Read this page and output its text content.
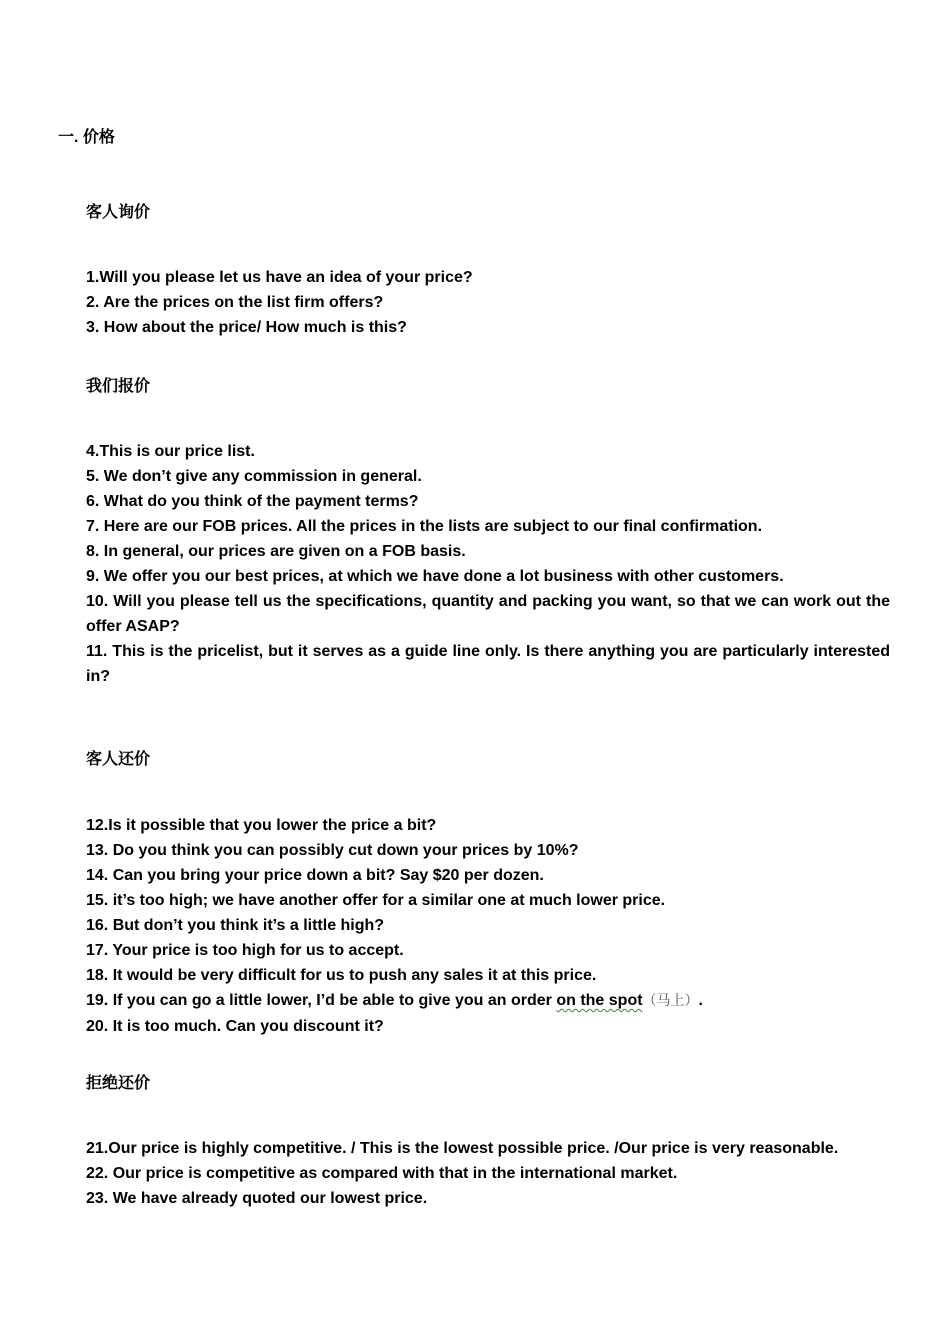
一. 价格
客人询价
1.Will you please let us have an idea of your price?
2. Are the prices on the list firm offers?
3. How about the price/ How much is this?
我们报价
4.This is our price list.
5. We don’t give any commission in general.
6. What do you think of the payment terms?
7. Here are our FOB prices. All the prices in the lists are subject to our final confirmation.
8. In general, our prices are given on a FOB basis.
9. We offer you our best prices, at which we have done a lot business with other customers.
10. Will you please tell us the specifications, quantity and packing you want, so that we can work out the offer ASAP?
11. This is the pricelist, but it serves as a guide line only. Is there anything you are particularly interested in?
客人还价
12.Is it possible that you lower the price a bit?
13. Do you think you can possibly cut down your prices by 10%?
14. Can you bring your price down a bit? Say $20 per dozen.
15. it’s too high; we have another offer for a similar one at much lower price.
16. But don’t you think it’s a little high?
17. Your price is too high for us to accept.
18. It would be very difficult for us to push any sales it at this price.
19. If you can go a little lower, I’d be able to give you an order on the spot（马上）.
20. It is too much. Can you discount it?
拒绝还价
21.Our price is highly competitive. / This is the lowest possible price. /Our price is very reasonable.
22. Our price is competitive as compared with that in the international market.
23. We have already quoted our lowest price.
